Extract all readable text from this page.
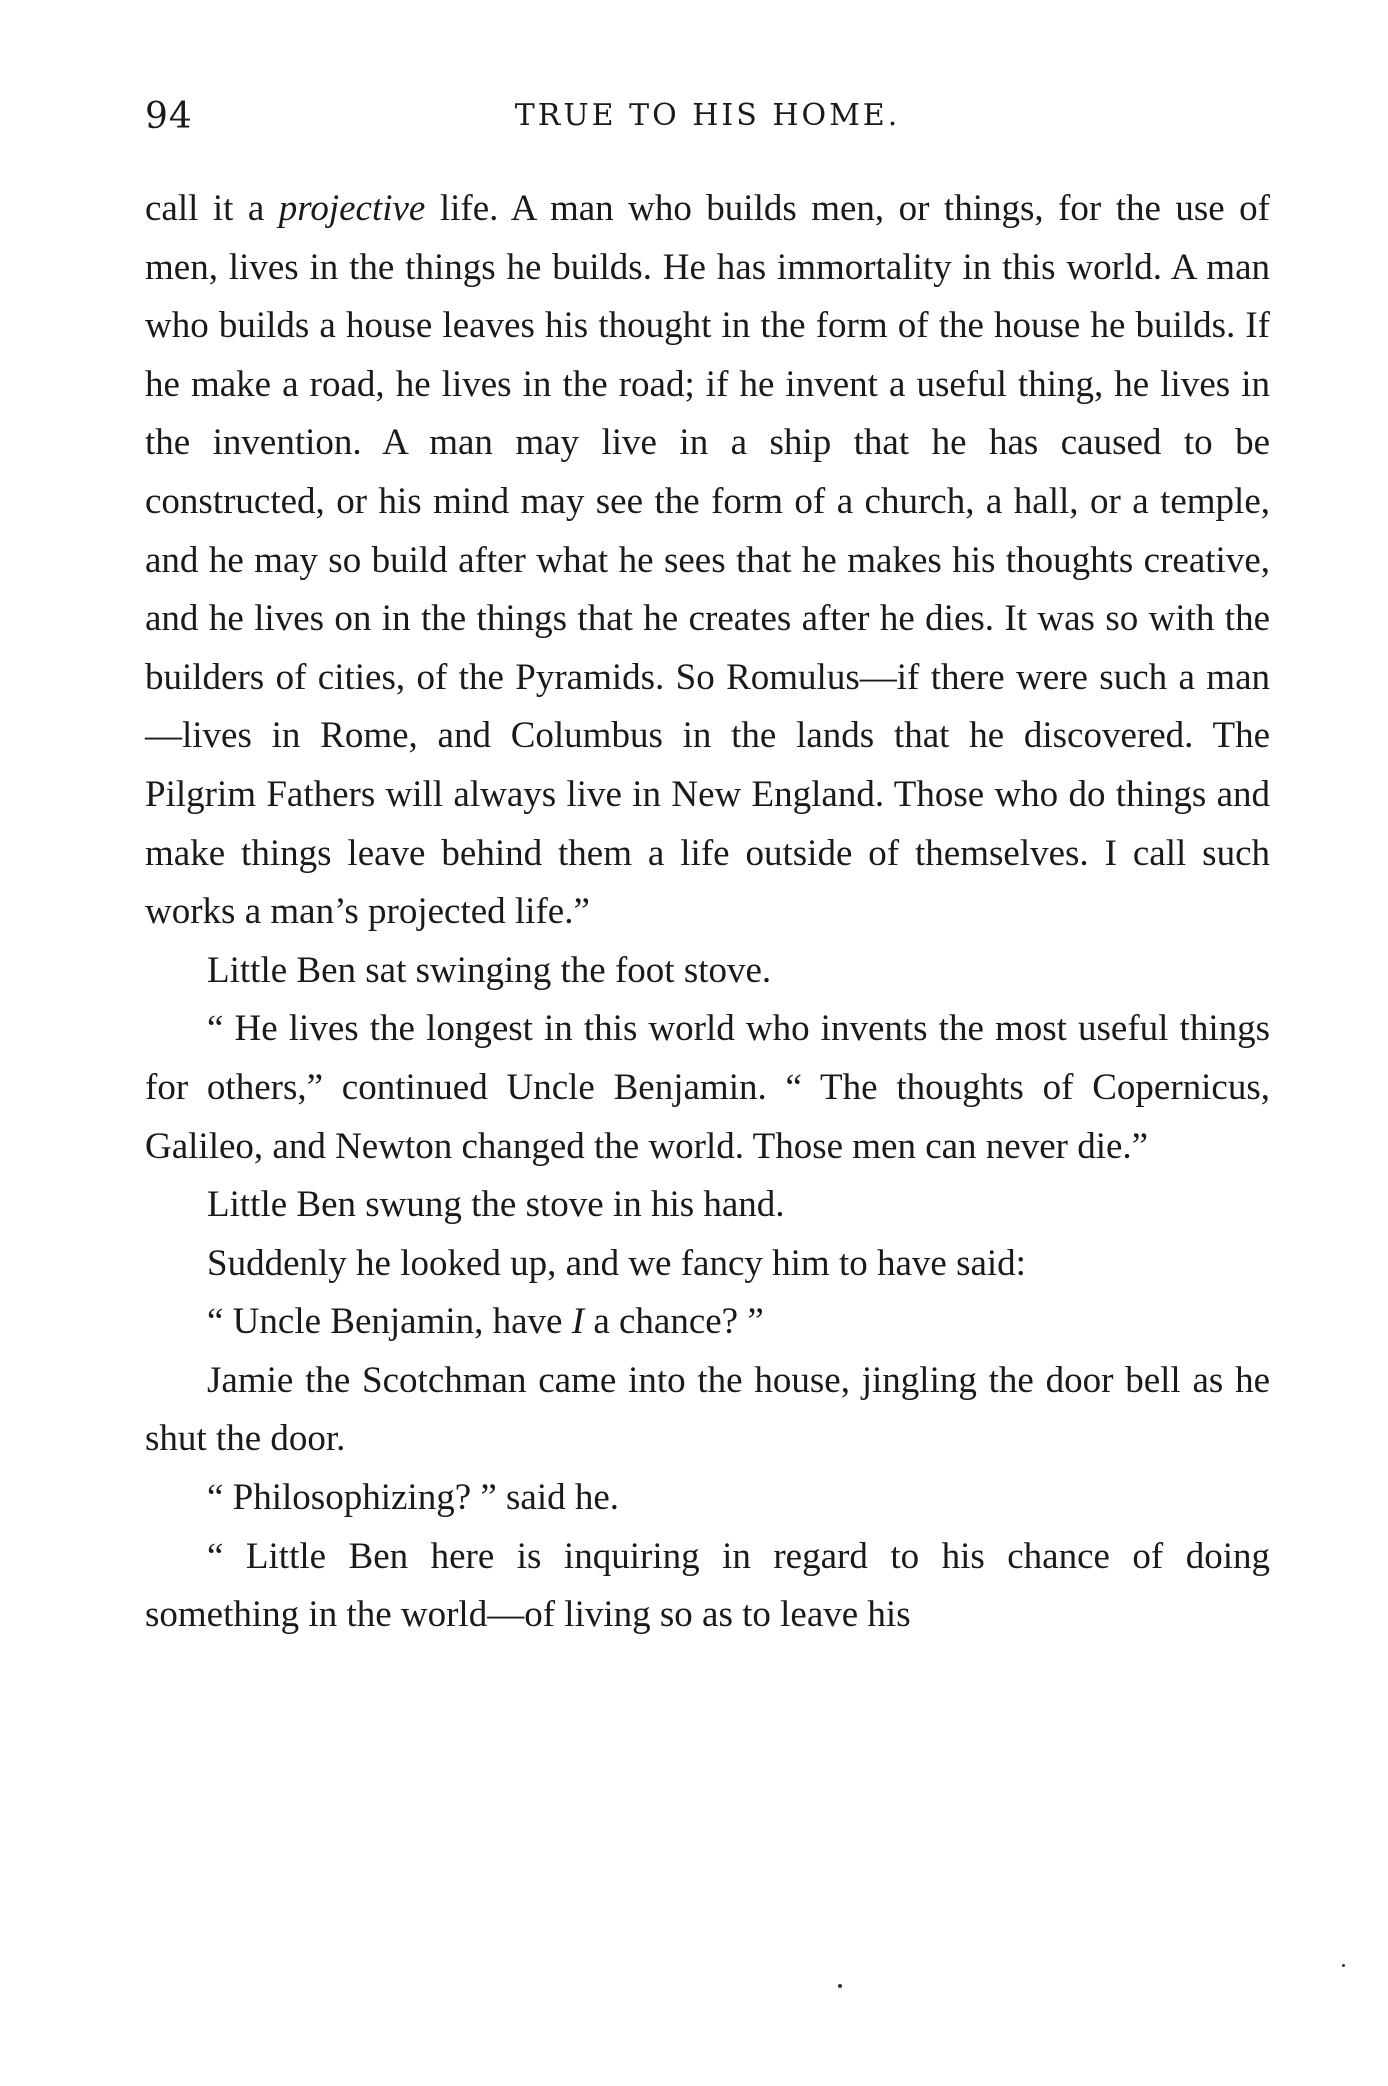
94	TRUE TO HIS HOME.

call it a projective life. A man who builds men, or things, for the use of men, lives in the things he builds. He has immortality in this world. A man who builds a house leaves his thought in the form of the house he builds. If he make a road, he lives in the road; if he invent a useful thing, he lives in the invention. A man may live in a ship that he has caused to be constructed, or his mind may see the form of a church, a hall, or a temple, and he may so build after what he sees that he makes his thoughts creative, and he lives on in the things that he creates after he dies. It was so with the builders of cities, of the Pyramids. So Romulus—if there were such a man—lives in Rome, and Columbus in the lands that he discovered. The Pilgrim Fathers will always live in New England. Those who do things and make things leave behind them a life outside of themselves. I call such works a man’s projected life.”

Little Ben sat swinging the foot stove.

“ He lives the longest in this world who invents the most useful things for others,” continued Uncle Benjamin. “ The thoughts of Copernicus, Galileo, and Newton changed the world. Those men can never die.”

Little Ben swung the stove in his hand.

Suddenly he looked up, and we fancy him to have said:

“ Uncle Benjamin, have I a chance? ”

Jamie the Scotchman came into the house, jingling the door bell as he shut the door.

“ Philosophizing? ” said he.

“ Little Ben here is inquiring in regard to his chance of doing something in the world—of living so as to leave his
